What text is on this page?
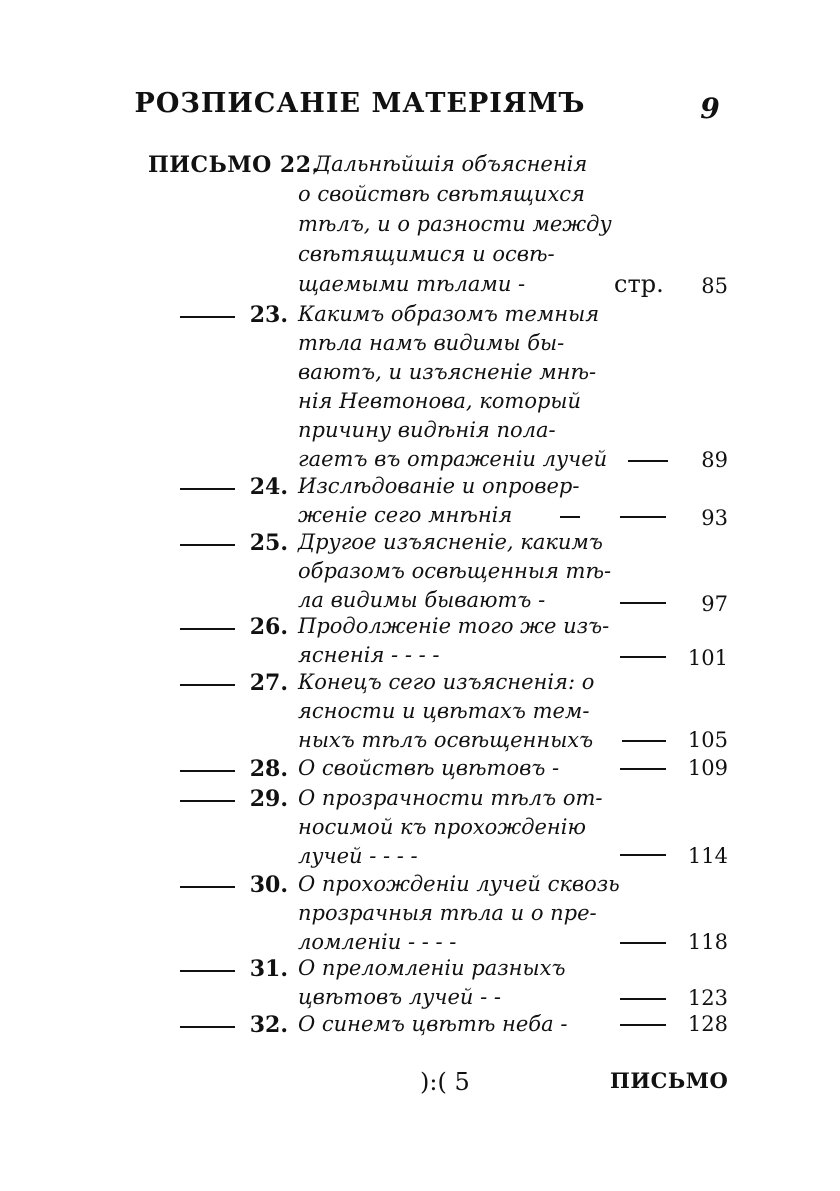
РОЗПИСАНІЕ МАТЕРІЯМЪ	9
ПИСЬМО 22.
Дальнѣйшія объясненія
о свойствѣ свѣтящихся
тѣлъ, и о разности между
свѣтящимися и освѣ-
щаемыми тѣлами -	стр.	85
23. Какимъ образомъ темныя
тѣла намъ видимы бы-
ваютъ, и изъясненіе мнѣ-
нія Невтонова, который
причину видѣнія пола-
гаетъ въ отраженіи лучей	89
24. Изслѣдованіе и опровер-
женіе сего мнѣнія	93
25. Другое изъясненіе, какимъ
образомъ освѣщенныя тѣ-
ла видимы бываютъ -	97
26. Продолженіе того же изъ-
ясненія - - - -	101
27. Конецъ сего изъясненія: о
ясности и цвѣтахъ тем-
ныхъ тѣлъ освѣщенныхъ	105
28. О свойствѣ цвѣтовъ -	109
29. О прозрачности тѣлъ от-
носимой къ прохожденію
лучей - - - -	114
30. О прохожденіи лучей сквозь
прозрачныя тѣла и о пре-
ломленіи - - - -	118
31. О преломленіи разныхъ
цвѣтовъ лучей - -	123
32. О синемъ цвѣтѣ неба -	128
):( 5	ПИСЬМО
